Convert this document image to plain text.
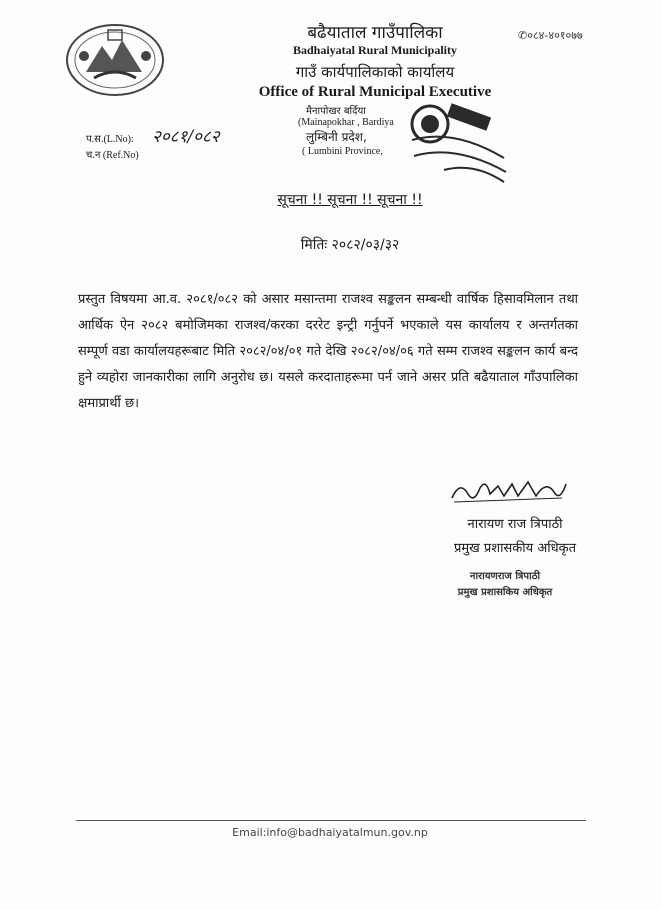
बढैयाताल गाउँपालिका
Badhaiyatal Rural Municipality
गाउँ कार्यपालिकाको कार्यालय
Office of Rural Municipal Executive
मैनापोखर बर्दिया
(Mainapokhar , Bardiya
लुम्बिनी प्रदेश,
( Lumbini Province,
✆०८४-४०१०७७
प.स.(L.No):
च.न (Ref.No)
२०८१/०८२
सूचना !! सूचना !! सूचना !!
मितिः २०८२/०३/३२
प्रस्तुत विषयमा आ.व. २०८१/०८२ को असार मसान्तमा राजश्व सङ्कलन सम्बन्धी वार्षिक हिसावमिलान तथा आर्थिक ऐन २०८२ बमोजिमका राजश्व/करका दररेट इन्ट्री गर्नुपर्ने भएकाले यस कार्यालय र अन्तर्गतका सम्पूर्ण वडा कार्यालयहरूबाट मिति २०८२/०४/०१ गते देखि २०८२/०४/०६ गते सम्म राजश्व सङ्कलन कार्य बन्द हुने व्यहोरा जानकारीका लागि अनुरोध छ। यसले करदाताहरूमा पर्न जाने असर प्रति बढैयाताल गाँउपालिका क्षमाप्रार्थी छ।
नारायण राज त्रिपाठी
प्रमुख प्रशासकीय अधिकृत
नारायणराज त्रिपाठी
प्रमुख प्रशासकिय अधिकृत
Email:info@badhaiyatalmun.gov.np
